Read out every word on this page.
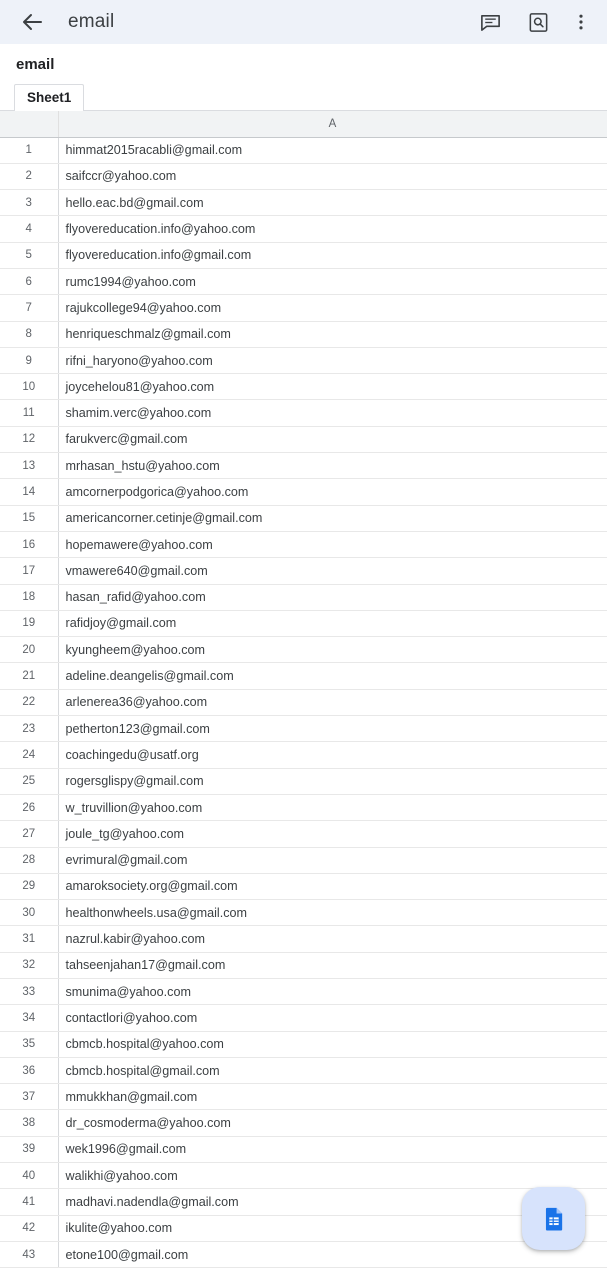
email
email
Sheet1
	A
1	himmat2015racabli@gmail.com
2	saifccr@yahoo.com
3	hello.eac.bd@gmail.com
4	flyovereducation.info@yahoo.com
5	flyovereducation.info@gmail.com
6	rumc1994@yahoo.com
7	rajukcollege94@yahoo.com
8	henriqueschmalz@gmail.com
9	rifni_haryono@yahoo.com
10	joycehelou81@yahoo.com
11	shamim.verc@yahoo.com
12	farukverc@gmail.com
13	mrhasan_hstu@yahoo.com
14	amcornerpodgorica@yahoo.com
15	americancorner.cetinje@gmail.com
16	hopemawere@yahoo.com
17	vmawere640@gmail.com
18	hasan_rafid@yahoo.com
19	rafidjoy@gmail.com
20	kyungheem@yahoo.com
21	adeline.deangelis@gmail.com
22	arlenerea36@yahoo.com
23	petherton123@gmail.com
24	coachingedu@usatf.org
25	rogersglispy@gmail.com
26	w_truvillion@yahoo.com
27	joule_tg@yahoo.com
28	evrimural@gmail.com
29	amaroksociety.org@gmail.com
30	healthonwheels.usa@gmail.com
31	nazrul.kabir@yahoo.com
32	tahseenjahan17@gmail.com
33	smunima@yahoo.com
34	contactlori@yahoo.com
35	cbmcb.hospital@yahoo.com
36	cbmcb.hospital@gmail.com
37	mmukkhan@gmail.com
38	dr_cosmoderma@yahoo.com
39	wek1996@gmail.com
40	walikhi@yahoo.com
41	madhavi.nadendla@gmail.com
42	ikulite@yahoo.com
43	etone100@gmail.com
